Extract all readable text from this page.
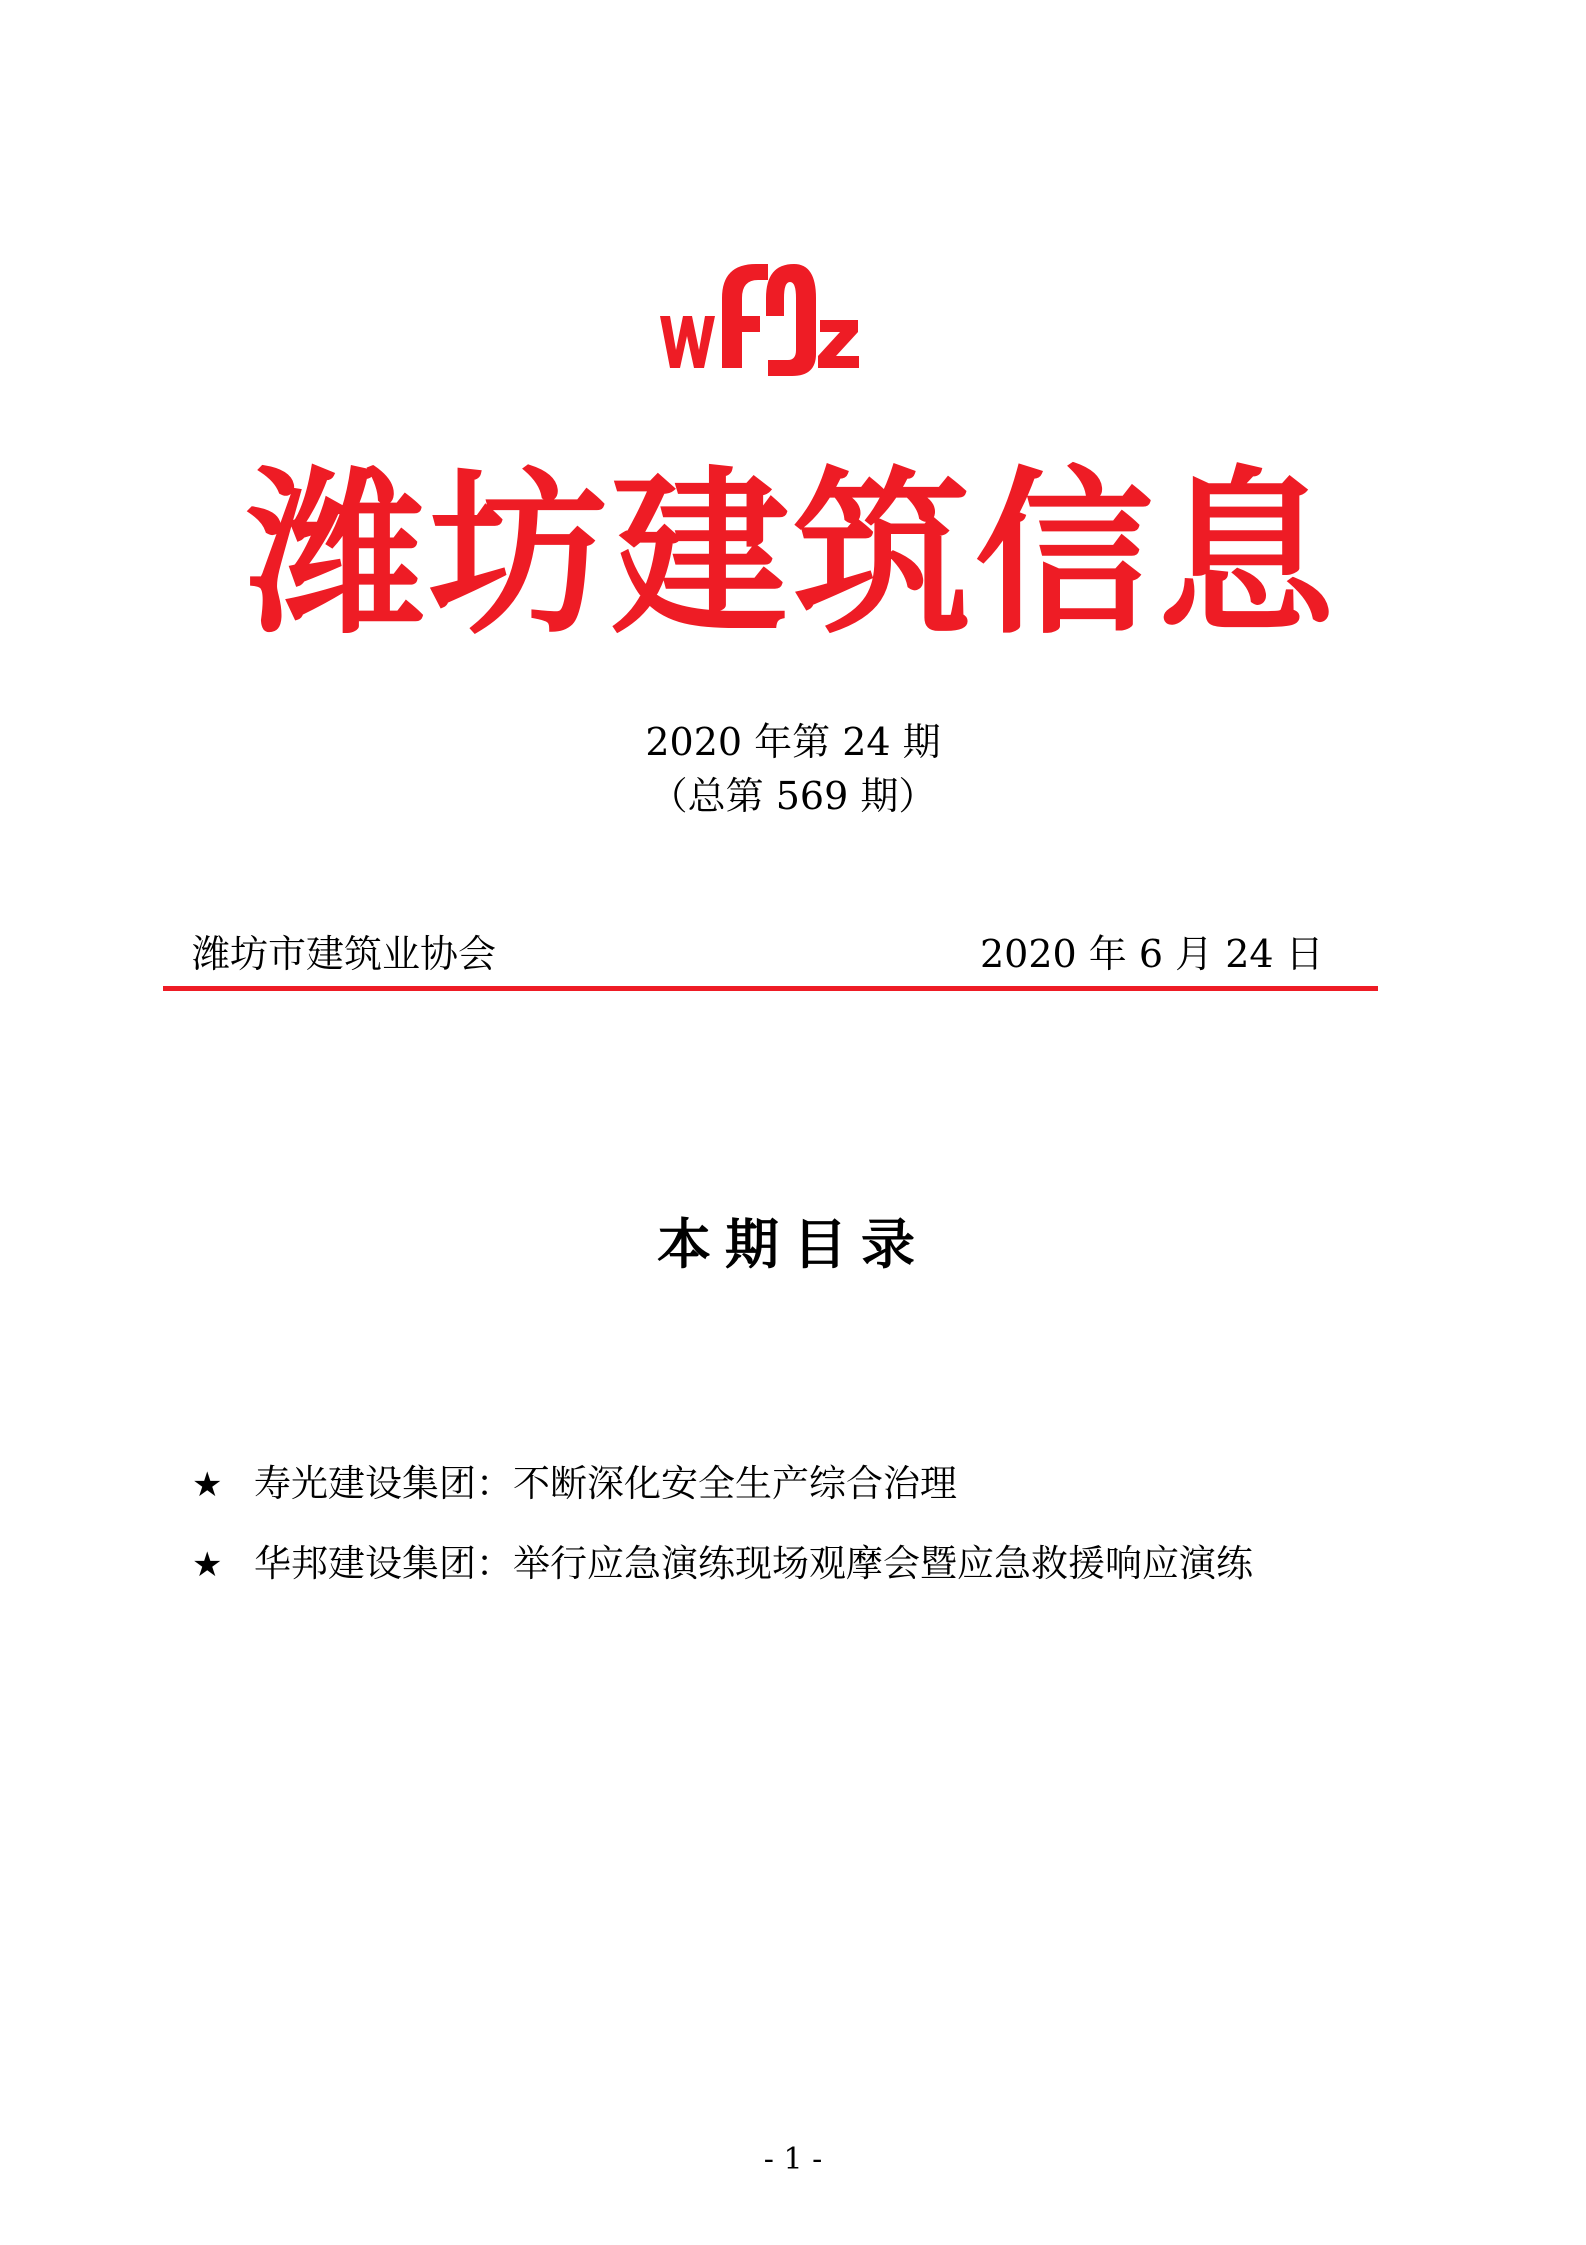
潍坊建筑信息
2020 年第 24 期
（总第 569 期）
潍坊市建筑业协会	2020 年 6 月 24 日
本期目录
★ 寿光建设集团：不断深化安全生产综合治理
★ 华邦建设集团：举行应急演练现场观摩会暨应急救援响应演练
- 1 -
